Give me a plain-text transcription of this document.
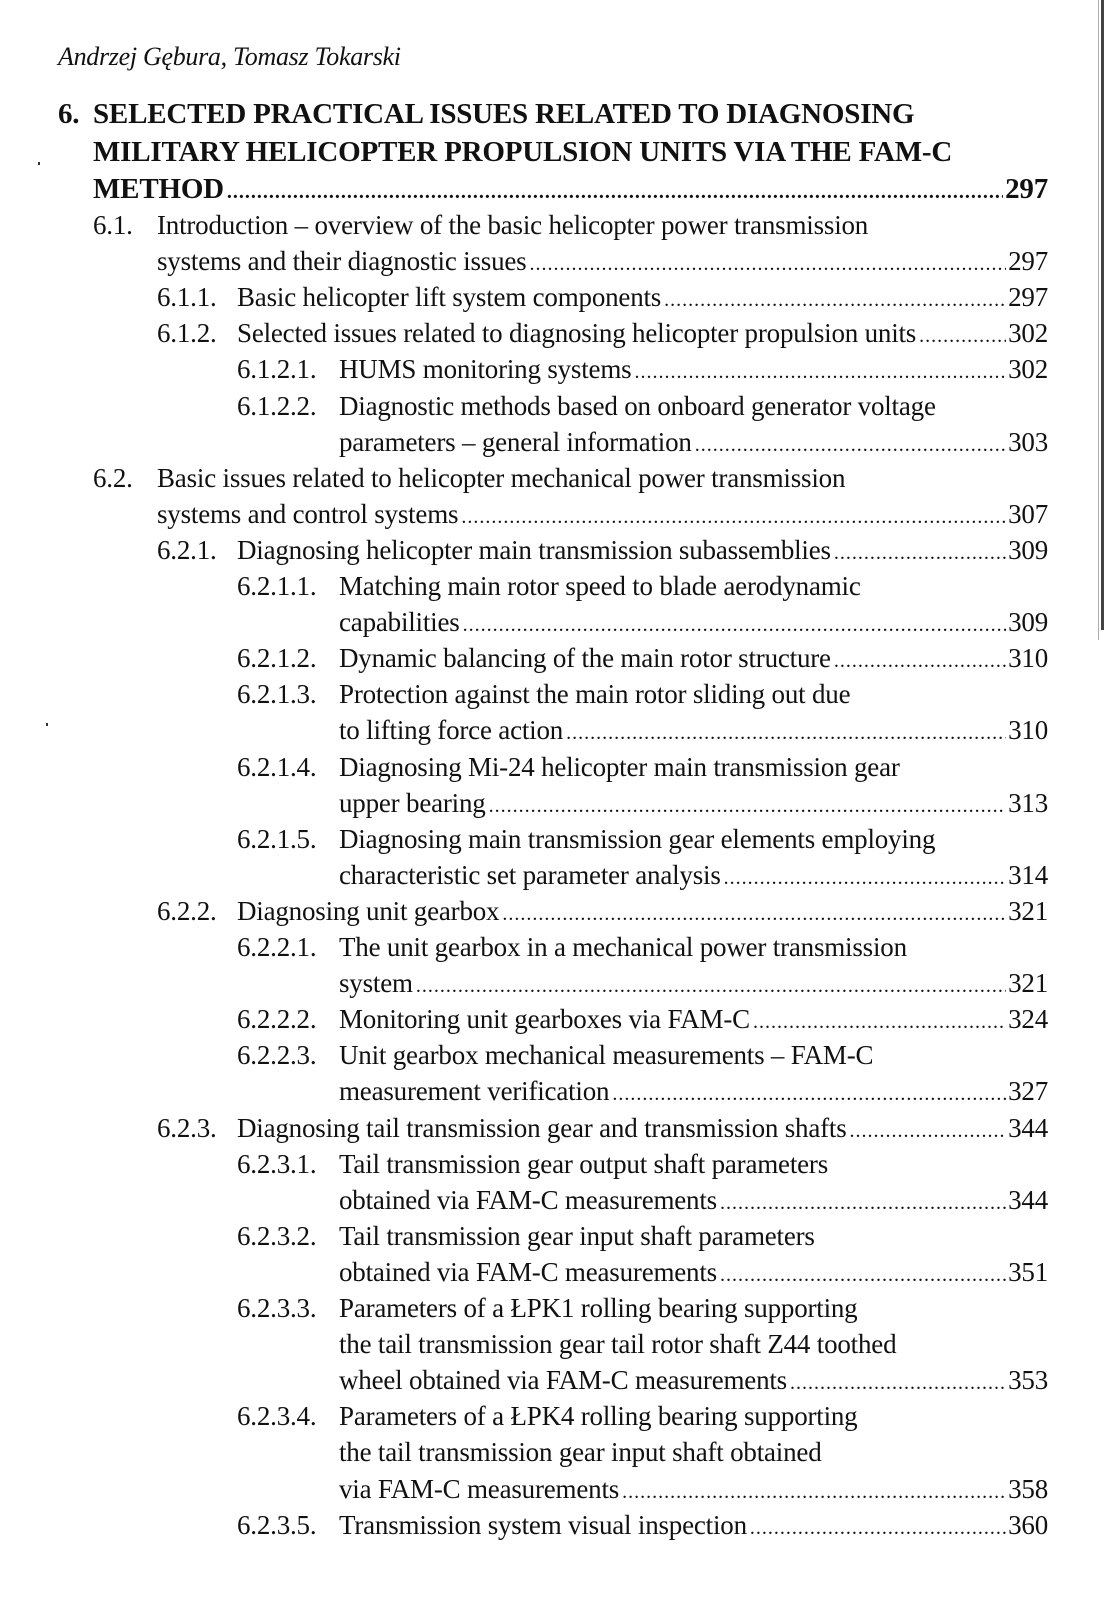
Andrzej Gębura, Tomasz Tokarski
6. SELECTED PRACTICAL ISSUES RELATED TO DIAGNOSING
MILITARY HELICOPTER PROPULSION UNITS VIA THE FAM-C
METHOD .....	297
6.1. Introduction – overview of the basic helicopter power transmission
systems and their diagnostic issues .....	297
6.1.1. Basic helicopter lift system components .....	297
6.1.2. Selected issues related to diagnosing helicopter propulsion units .....	302
6.1.2.1. HUMS monitoring systems .....	302
6.1.2.2. Diagnostic methods based on onboard generator voltage
parameters – general information .....	303
6.2. Basic issues related to helicopter mechanical power transmission
systems and control systems .....	307
6.2.1. Diagnosing helicopter main transmission subassemblies .....	309
6.2.1.1. Matching main rotor speed to blade aerodynamic
capabilities .....	309
6.2.1.2. Dynamic balancing of the main rotor structure .....	310
6.2.1.3. Protection against the main rotor sliding out due
to lifting force action .....	310
6.2.1.4. Diagnosing Mi-24 helicopter main transmission gear
upper bearing .....	313
6.2.1.5. Diagnosing main transmission gear elements employing
characteristic set parameter analysis .....	314
6.2.2. Diagnosing unit gearbox .....	321
6.2.2.1. The unit gearbox in a mechanical power transmission
system .....	321
6.2.2.2. Monitoring unit gearboxes via FAM-C .....	324
6.2.2.3. Unit gearbox mechanical measurements – FAM-C
measurement verification .....	327
6.2.3. Diagnosing tail transmission gear and transmission shafts .....	344
6.2.3.1. Tail transmission gear output shaft parameters
obtained via FAM-C measurements .....	344
6.2.3.2. Tail transmission gear input shaft parameters
obtained via FAM-C measurements .....	351
6.2.3.3. Parameters of a ŁPK1 rolling bearing supporting
the tail transmission gear tail rotor shaft Z44 toothed
wheel obtained via FAM-C measurements .....	353
6.2.3.4. Parameters of a ŁPK4 rolling bearing supporting
the tail transmission gear input shaft obtained
via FAM-C measurements .....	358
6.2.3.5. Transmission system visual inspection .....	360
